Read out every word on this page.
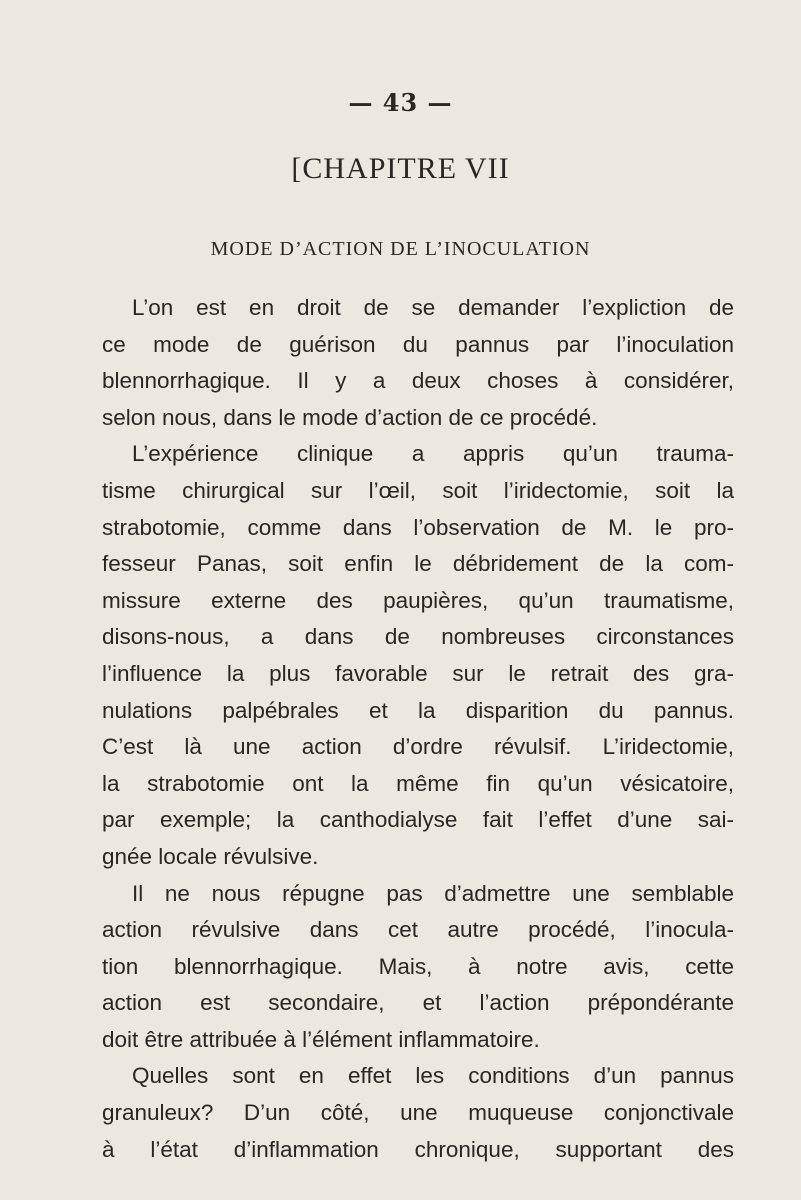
— 43 —
[CHAPITRE VII
MODE D’ACTION DE L’INOCULATION
L’on est en droit de se demander l’expliction de
ce mode de guérison du pannus par l’inoculation
blennorrhagique. Il y a deux choses à considérer,
selon nous, dans le mode d’action de ce procédé.
L’expérience clinique a appris qu’un trauma-
tisme chirurgical sur l’œil, soit l’iridectomie, soit la
strabotomie, comme dans l’observation de M. le pro-
fesseur Panas, soit enfin le débridement de la com-
missure externe des paupières, qu’un traumatisme,
disons-nous, a dans de nombreuses circonstances
l’influence la plus favorable sur le retrait des gra-
nulations palpébrales et la disparition du pannus.
C’est là une action d’ordre révulsif. L’iridectomie,
la strabotomie ont la même fin qu’un vésicatoire,
par exemple; la canthodialyse fait l’effet d’une sai-
gnée locale révulsive.
Il ne nous répugne pas d’admettre une semblable
action révulsive dans cet autre procédé, l’inocula-
tion blennorrhagique. Mais, à notre avis, cette
action est secondaire, et l’action prépondérante
doit être attribuée à l’élément inflammatoire.
Quelles sont en effet les conditions d’un pannus
granuleux? D’un côté, une muqueuse conjonctivale
à l’état d’inflammation chronique, supportant des
